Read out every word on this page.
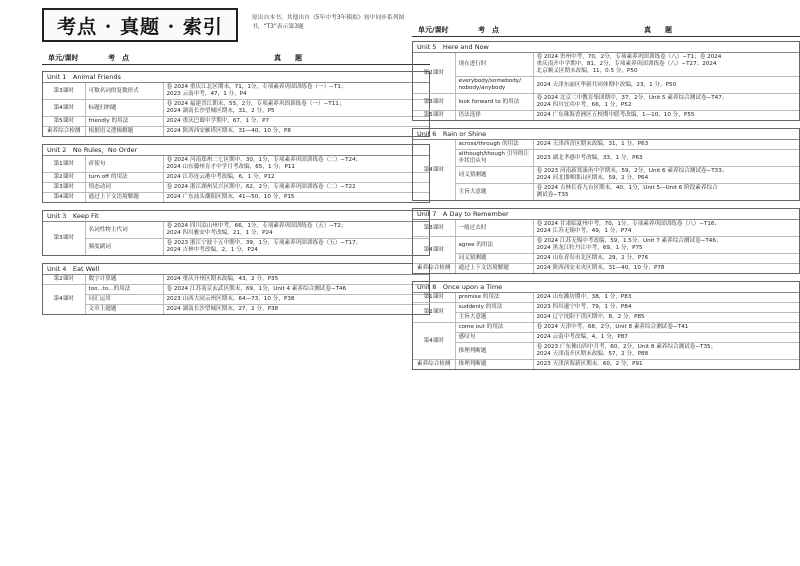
考点 · 真题 · 索引	原出自本书，其他出自《5年中考3年模拟》初中同步系列图书，“T3”表示第3题
单元/课时	考　点	真　　题
Unit 1　Animal Friends
第3课时	可数名词的复数形式	卷 2024 重庆江北区期末，71，1分，专项素养巩固训练卷（一）−T1；
2023 云南中考，47，1 分，P4

第4课时	标题归纳题	卷 2024 福建晋江期末，55，2分，专项素养巩固训练卷（一）−T11；
2024 湖南长沙望城区期末，31，2 分，P5

第5课时	friendly 的用法	2024 重庆巴蜀中学期中，67，1 分，P7

素养综合检测	根据语义逻辑解题	2024 陕西西安雁塔区期末，31—40，10 分，P8
Unit 2　No Rules，No Order
第1课时	祈使句	卷 2024 河南郑州二七区期中，30，1分，专项素养巩固训练卷（二）−T24；
2024 山东滕州育才中学月考改编，65，1 分，P11

第2课时	turn off 的用法	2024 江苏连云港中考改编，6，1 分，P12

第3课时	情态动词	卷 2024 浙江湖州吴兴区期中，62，2分，专项素养巩固训练卷（二）−T22

第4课时	通过上下文语境解题	2024 广东汕头潮阳区期末，41—50，10 分，P15
Unit 3　Keep Fit
第3课时	名词性物主代词	卷 2024 四川凉山州中考，66，1分，专项素养巩固训练卷（五）−T2；
2024 四川雅安中考改编，21，1 分，P24

	频度副词	卷 2023 浙江宁波十五中期中，39，1分，专项素养巩固训练卷（五）−T17；
2024 吉林中考改编，2，1 分，P24
Unit 4　Eat Well
第2课时	数字计算题	2024 重庆开州区期末改编，43，2 分，P35

第4课时	too...to...的用法	卷 2024 江苏南京玄武区期末，69，1分，Unit 4 素养综合测试卷−T46

	词汇运用	2023 山西大同云州区期末，64—73，10 分，P38

	文章主题题	2024 湖南长沙望城区期末，27，2 分，P38
单元/课时	考　点	真　　题
Unit 5　Here and Now
第2课时	现在进行时	卷 2024 贵州中考，70，2分，专项素养巩固训练卷（八）−T1；卷 2024
重庆南开中学期中，81，2分，专项素养巩固训练卷（八）−T27；2024
北京顺义区期末改编，11，0.5 分，P50

	everybody/somebody/ nobody/anybody	2024 天津东丽区华新共同体期中改编，23，1 分，P50

第3课时	look forward to 的用法	卷 2024 北京二中教育集团期中，37，2分，Unit 5 素养综合测试卷−T47；
2024 四川宜宾中考，66，1 分，P52

第5课时	语法选择	2024 广东珠海香洲区五校期中联考改编，1—10，10 分，P55
Unit 6　Rain or Shine
第4课时	across/through 的用法	2024 天津西青区期末改编，31，1 分，P63

	although/though 引导的让步状语从句	2023 湖北孝感中考改编，33，1 分，P63

	词义猜测题	卷 2023 河南新郑溱洧中学期末，59，2分，Unit 6 素养综合测试卷−T33；
2024 河北邯郸邯山区期末，59，2 分，P64

	主旨大意题	卷 2024 吉林长春九台区期末，40，1分，Unit 5—Unit 6 阶段素养综合
测试卷−T35
Unit 7　A Day to Remember
第3课时	一般过去时	卷 2024 甘肃临夏州中考，70，1分，专项素养巩固训练卷（八）−T16；
2024 江苏无锡中考，49，1 分，P74

第4课时	agree 的用法	卷 2024 江苏无锡中考改编，59，1.5分，Unit 7 素养综合测试卷−T46；
2024 黑龙江牡丹江中考，69，1 分，P75

	词义猜测题	2024 山东青岛市北区期末，29，2 分，P76

素养综合检测	通过上下文语境解题	2024 陕西西安未央区期末，31—40，10 分，P78
Unit 8　Once upon a Time
第1课时	promise 的用法	2024 山东潍坊期中，38，1 分，P83

第2课时	suddenly 的用法	2023 四川遂宁中考，79，1 分，P84

	主旨大意题	2024 辽宁沈阳于洪区期中，8，2 分，P85

第4课时	come out 的用法	卷 2024 天津中考，68，2分，Unit 8 素养综合测试卷−T41

	感叹句	2024 云南中考改编，4，1 分，P87

	推理判断题	卷 2023 广东佛山四中月考，60，2分，Unit 8 素养综合测试卷−T35；
2024 天津南开区期末改编，57，2 分，P88

素养综合检测	推理判断题	2023 天津滨海新区期末，60，2 分，P91
